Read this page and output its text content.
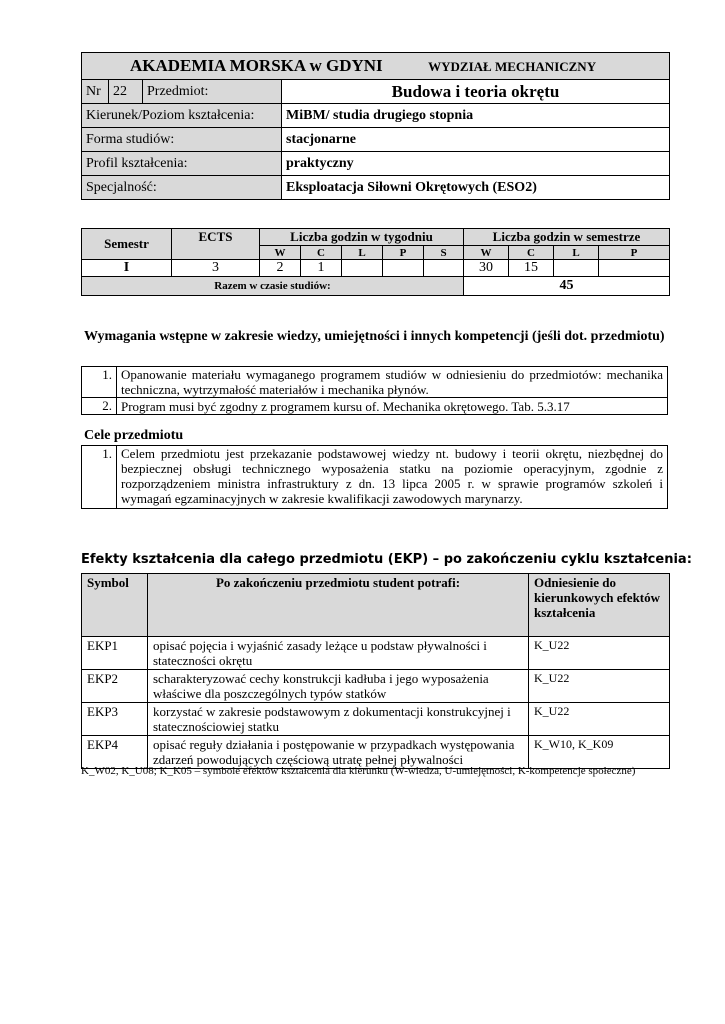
AKADEMIA MORSKA w GDYNI WYDZIAŁ MECHANICZNY			
Nr	22	Przedmiot:	Budowa i teoria okrętu
Kierunek/Poziom kształcenia:			MiBM/ studia drugiego stopnia
Forma studiów:			stacjonarne
Profil kształcenia:			praktyczny
Specjalność:			Eksploatacja Siłowni Okrętowych (ESO2)
Semestr	ECTS	Liczba godzin w tygodniu					Liczba godzin w semestrze			
		W	C	L	P	S	W	C	L	P
I	3	2	1				30	15		
Razem w czasie studiów:							45			
Wymagania wstępne w zakresie wiedzy, umiejętności i innych kompetencji (jeśli dot. przedmiotu)
1.	Opanowanie materiału wymaganego programem studiów w odniesieniu do przedmiotów: mechanika techniczna, wytrzymałość materiałów i mechanika płynów.
2.	Program musi być zgodny z programem kursu of. Mechanika okrętowego. Tab. 5.3.17
Cele przedmiotu
1.	Celem przedmiotu jest przekazanie podstawowej wiedzy nt. budowy i teorii okrętu, niezbędnej do bezpiecznej obsługi technicznego wyposażenia statku na poziomie operacyjnym, zgodnie z rozporządzeniem ministra infrastruktury z dn. 13 lipca 2005 r. w sprawie programów szkoleń i wymagań egzaminacyjnych w zakresie kwalifikacji zawodowych marynarzy.
Efekty kształcenia dla całego przedmiotu (EKP) – po zakończeniu cyklu kształcenia:
Symbol	Po zakończeniu przedmiotu student potrafi:	Odniesienie do kierunkowych efektów kształcenia
EKP1	opisać pojęcia i wyjaśnić zasady leżące u podstaw pływalności i stateczności okrętu	K_U22
EKP2	scharakteryzować cechy konstrukcji kadłuba i jego wyposażenia właściwe dla poszczególnych typów statków	K_U22
EKP3	korzystać w zakresie podstawowym z dokumentacji konstrukcyjnej i statecznościowiej statku	K_U22
EKP4	opisać reguły działania i postępowanie w przypadkach występowania zdarzeń powodujących częściową utratę pełnej pływalności	K_W10, K_K09
K_W02, K_U08; K_K05 – symbole efektów kształcenia dla kierunku (W-wiedza, U-umiejętności, K-kompetencje społeczne)
